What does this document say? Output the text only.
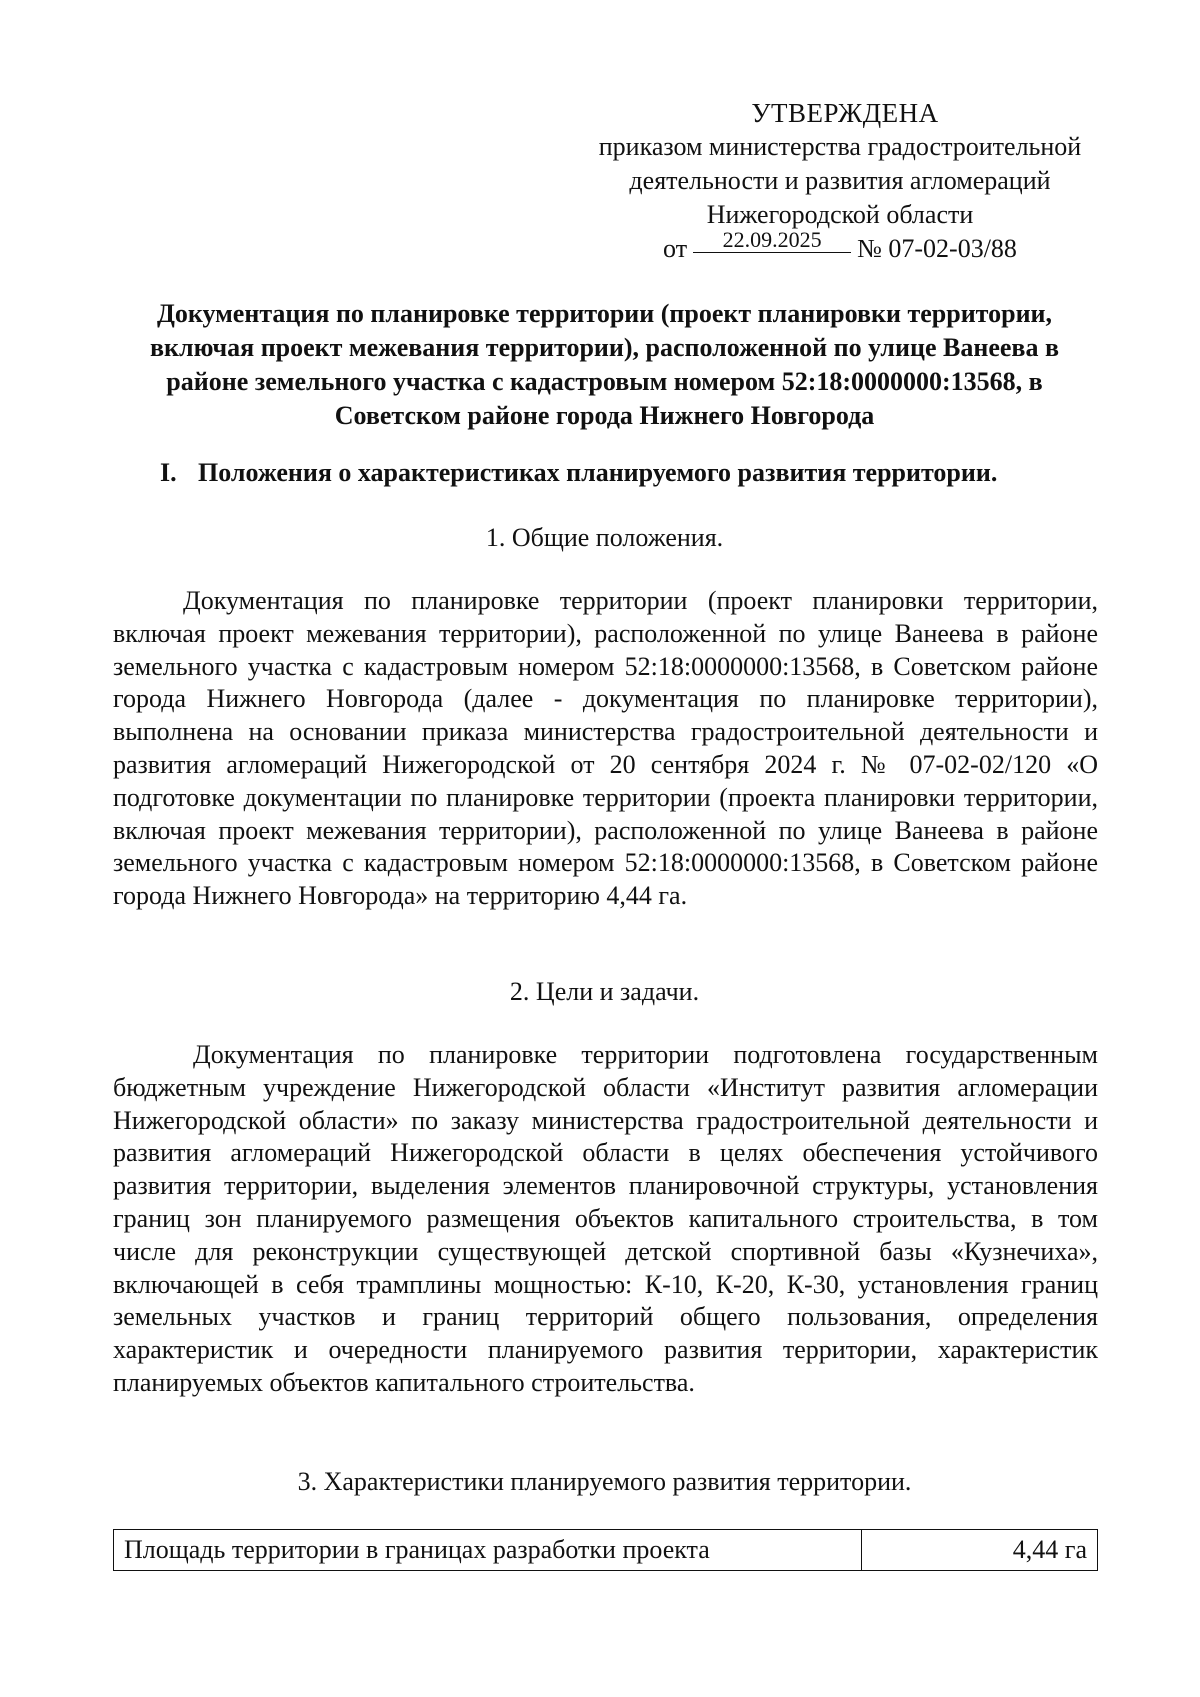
УТВЕРЖДЕНА
приказом министерства градостроительной
деятельности и развития агломераций
Нижегородской области
от 22.09.2025 № 07-02-03/88
Документация по планировке территории (проект планировки территории, включая проект межевания территории), расположенной по улице Ванеева в районе земельного участка с кадастровым номером 52:18:0000000:13568, в Советском районе города Нижнего Новгорода
I. Положения о характеристиках планируемого развития территории.
1. Общие положения.
Документация по планировке территории (проект планировки территории, включая проект межевания территории), расположенной по улице Ванеева в районе земельного участка с кадастровым номером 52:18:0000000:13568, в Советском районе города Нижнего Новгорода (далее - документация по планировке территории), выполнена на основании приказа министерства градостроительной деятельности и развития агломераций Нижегородской от 20 сентября 2024 г. № 07-02-02/120 «О подготовке документации по планировке территории (проекта планировки территории, включая проект межевания территории), расположенной по улице Ванеева в районе земельного участка с кадастровым номером 52:18:0000000:13568, в Советском районе города Нижнего Новгорода» на территорию 4,44 га.
2. Цели и задачи.
Документация по планировке территории подготовлена государственным бюджетным учреждение Нижегородской области «Институт развития агломерации Нижегородской области» по заказу министерства градостроительной деятельности и развития агломераций Нижегородской области в целях обеспечения устойчивого развития территории, выделения элементов планировочной структуры, установления границ зон планируемого размещения объектов капитального строительства, в том числе для реконструкции существующей детской спортивной базы «Кузнечиха», включающей в себя трамплины мощностью: К-10, К-20, К-30, установления границ земельных участков и границ территорий общего пользования, определения характеристик и очередности планируемого развития территории, характеристик планируемых объектов капитального строительства.
3. Характеристики планируемого развития территории.
Площадь территории в границах разработки проекта	4,44 га
